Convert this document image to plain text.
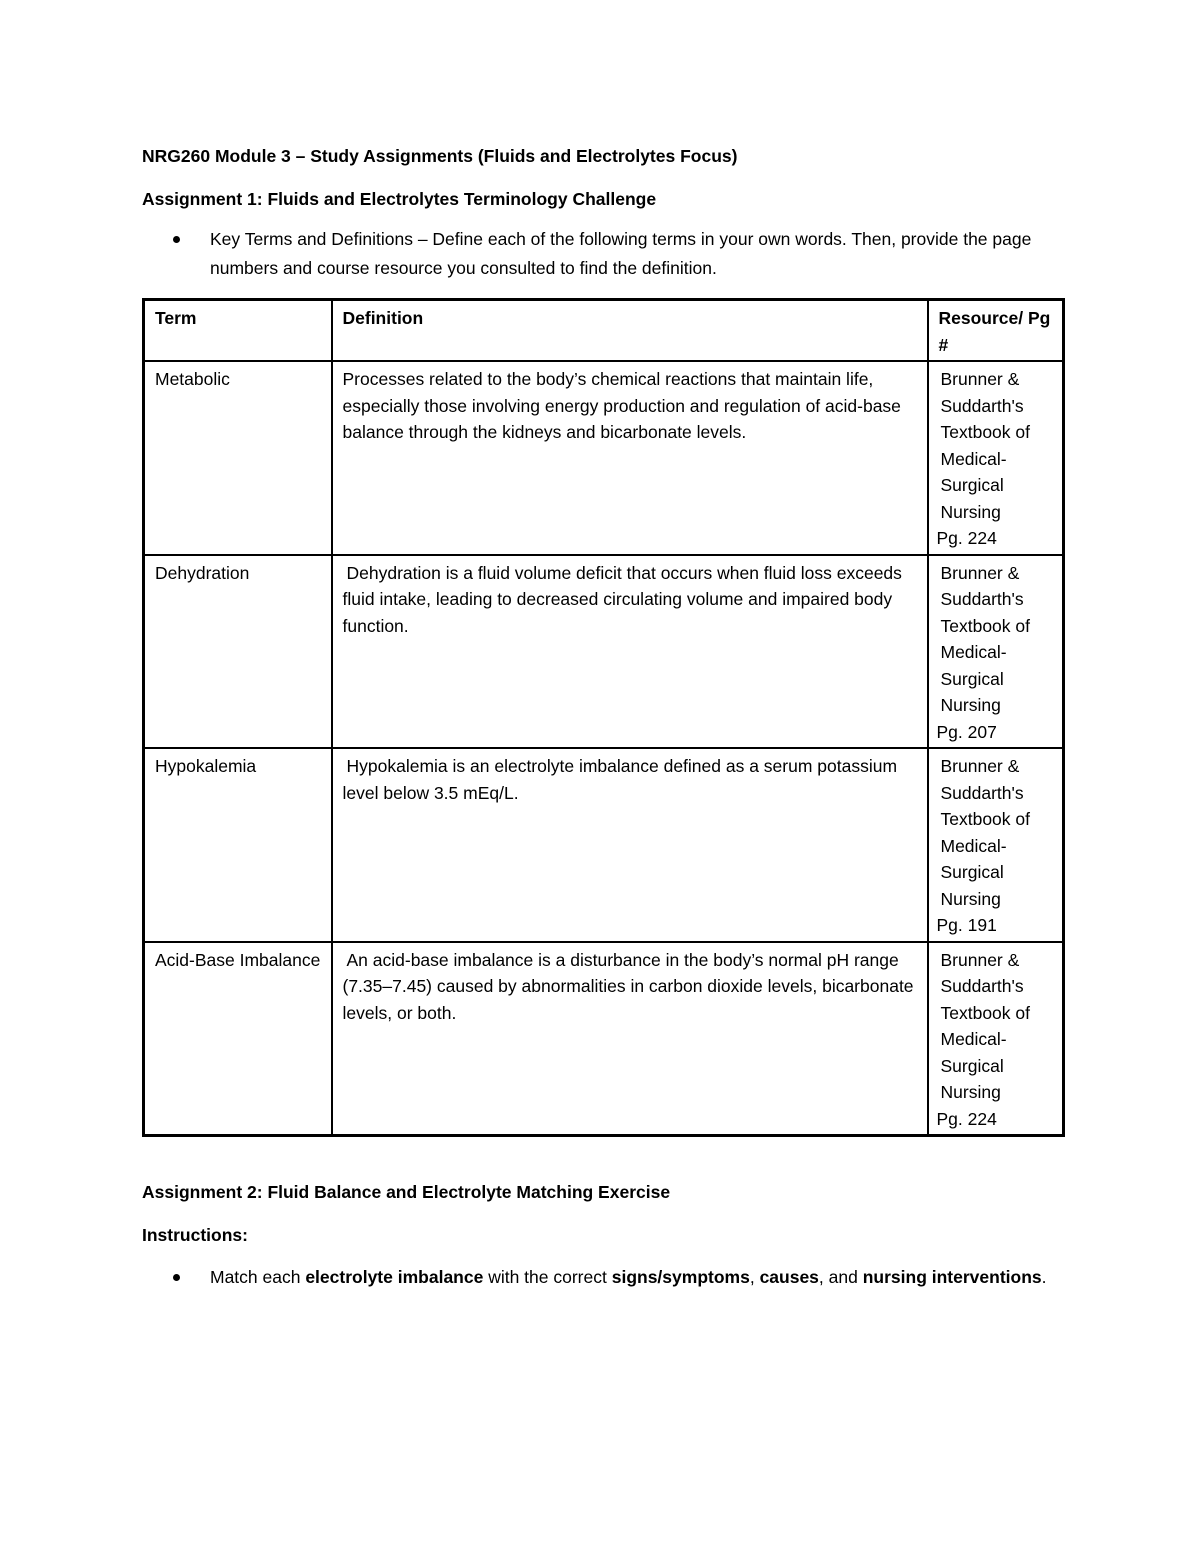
NRG260 Module 3 – Study Assignments (Fluids and Electrolytes Focus)

Assignment 1: Fluids and Electrolytes Terminology Challenge

Key Terms and Definitions – Define each of the following terms in your own words. Then, provide the page numbers and course resource you consulted to find the definition.
Term	Definition	Resource/ Pg #
Metabolic	Processes related to the body’s chemical reactions that maintain life, especially those involving energy production and regulation of acid-base balance through the kidneys and bicarbonate levels.	Brunner & Suddarth's Textbook of Medical-Surgical Nursing
Pg. 224

Dehydration	Dehydration is a fluid volume deficit that occurs when fluid loss exceeds fluid intake, leading to decreased circulating volume and impaired body function.	Brunner & Suddarth's Textbook of Medical-Surgical Nursing
Pg. 207

Hypokalemia	Hypokalemia is an electrolyte imbalance defined as a serum potassium level below 3.5 mEq/L.	Brunner & Suddarth's Textbook of Medical-Surgical Nursing
Pg. 191

Acid-Base Imbalance	An acid-base imbalance is a disturbance in the body’s normal pH range (7.35–7.45) caused by abnormalities in carbon dioxide levels, bicarbonate levels, or both.	Brunner & Suddarth's Textbook of Medical-Surgical Nursing
Pg. 224

Assignment 2: Fluid Balance and Electrolyte Matching Exercise

Instructions:

Match each electrolyte imbalance with the correct signs/symptoms, causes, and nursing interventions.
